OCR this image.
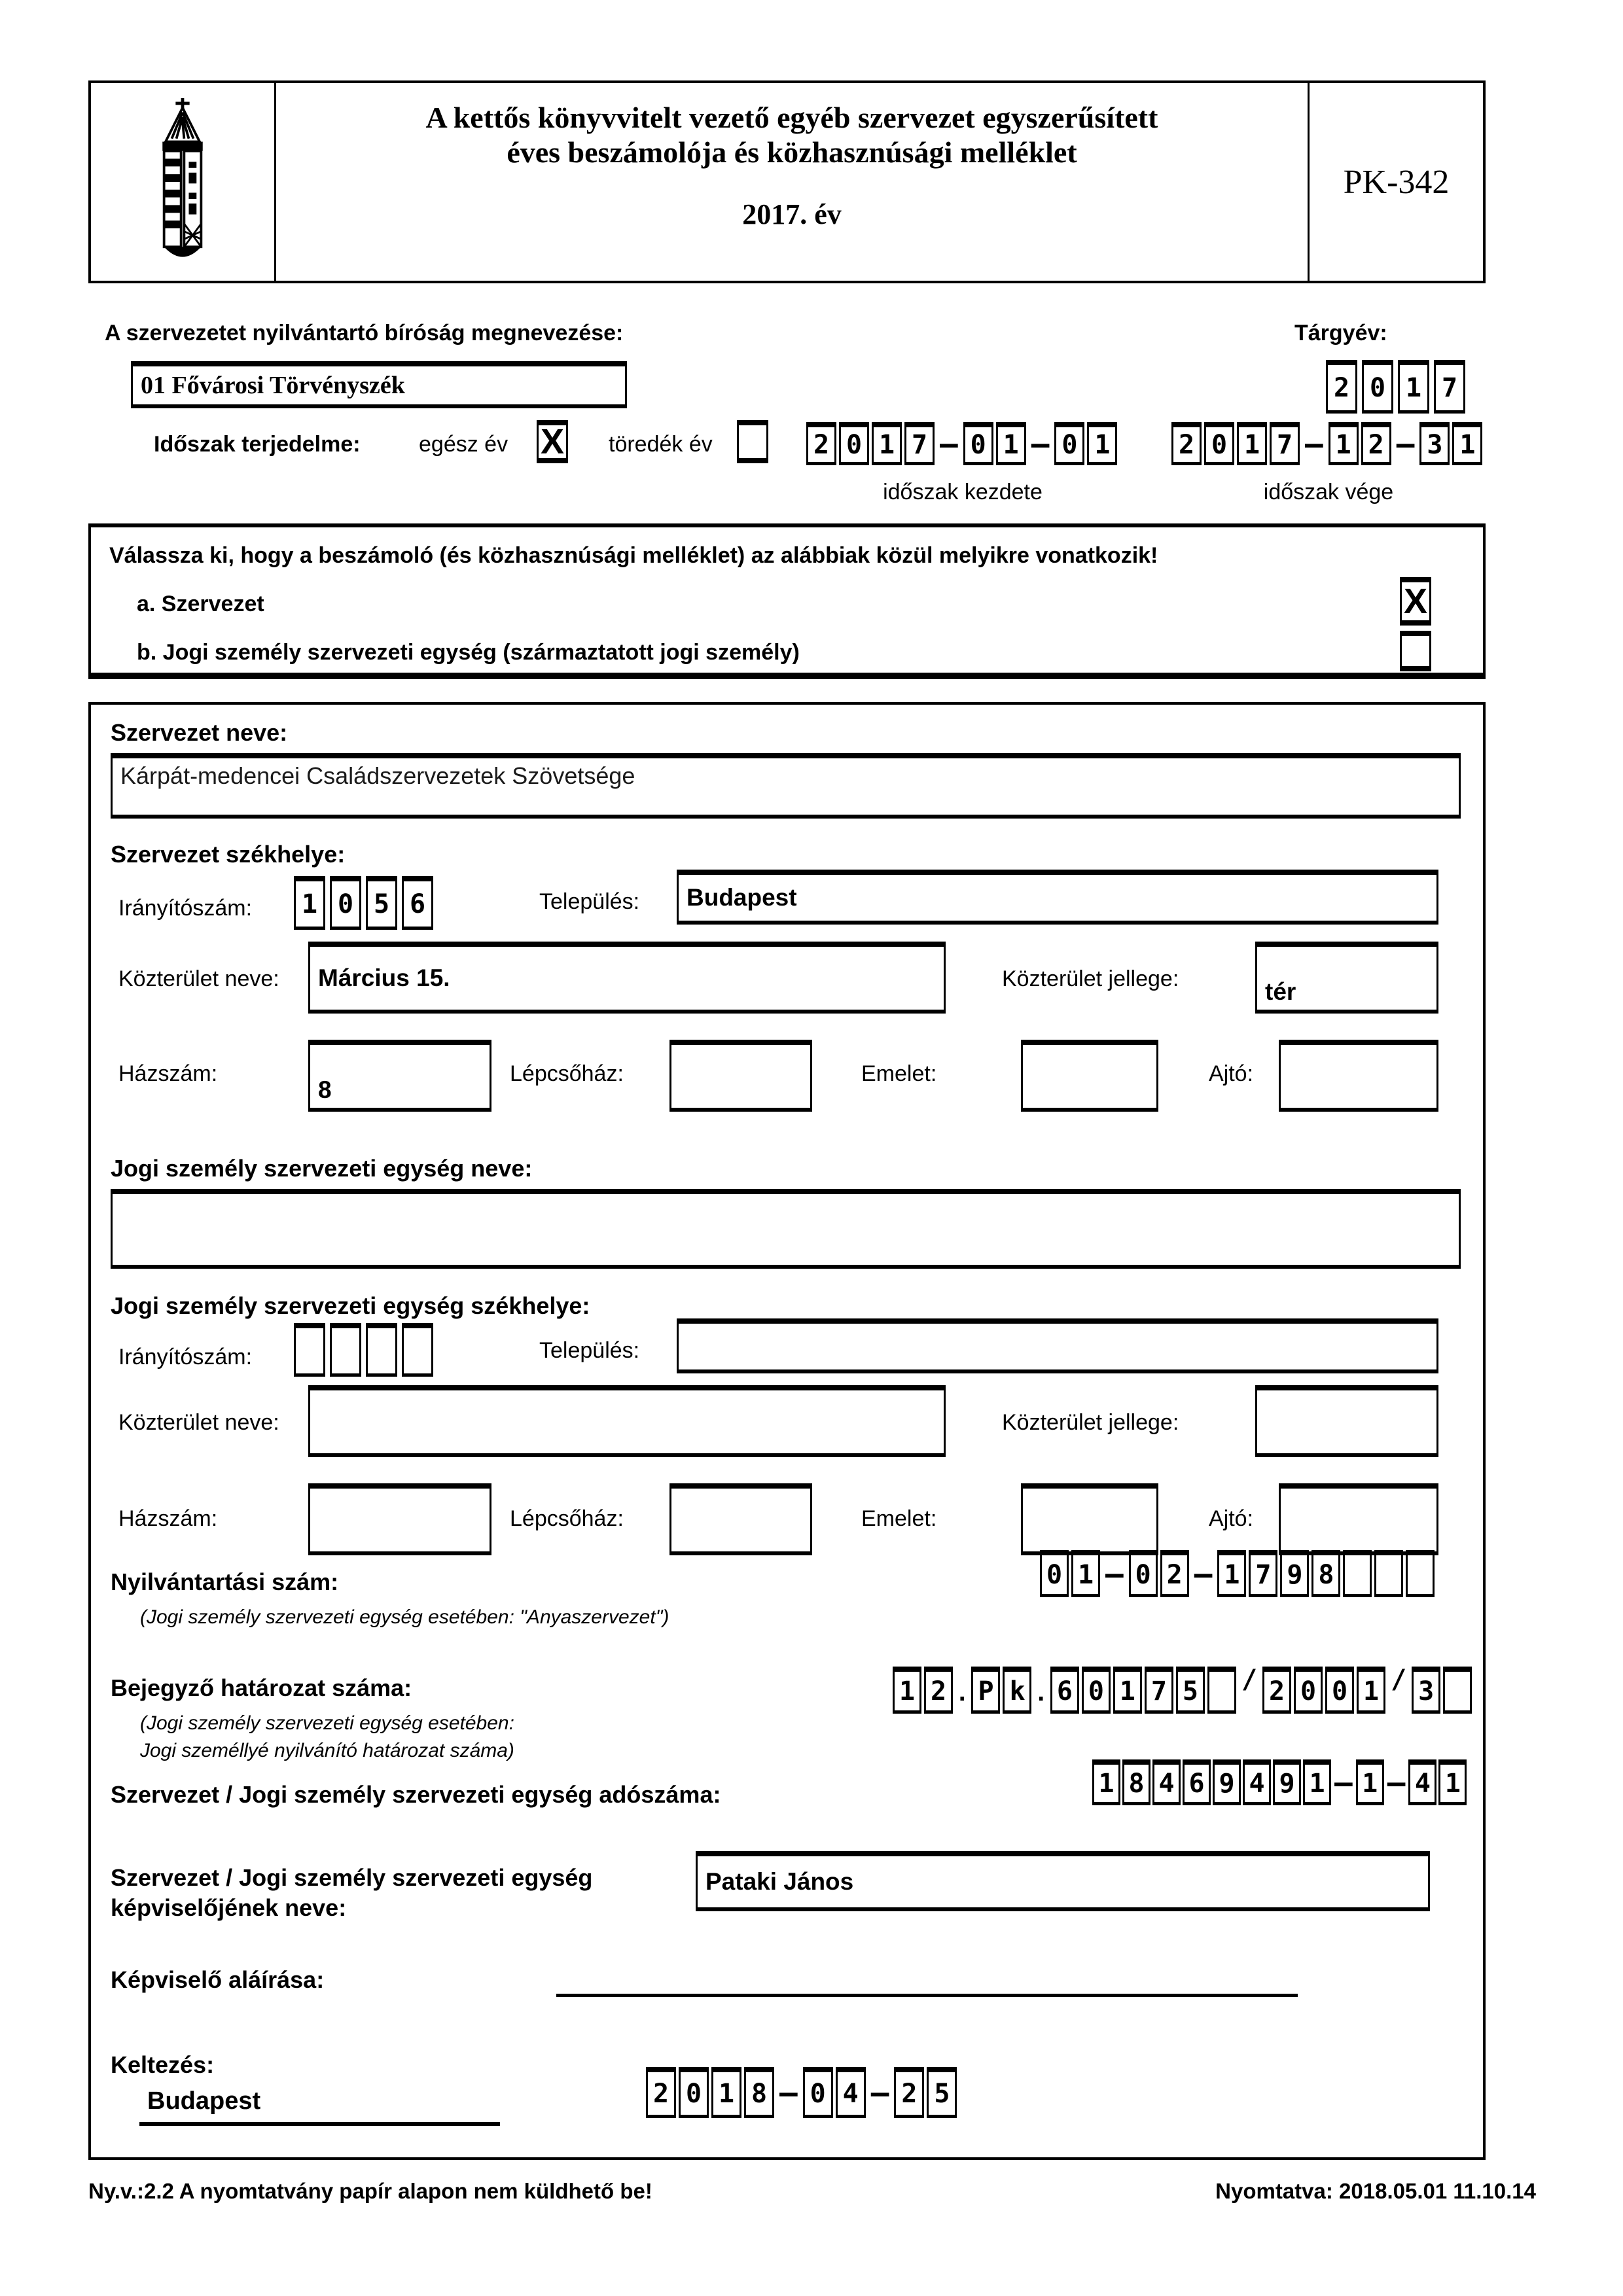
A kettős könyvvitelt vezető egyéb szervezet egyszerűsített
éves beszámolója és közhasznúsági melléklet
2017. év
PK-342
A szervezetet nyilvántartó bíróság megnevezése:	Tárgyév:
01 Fővárosi Törvényszék	2 0 1 7
Időszak terjedelme:	egész év X töredék év	2 0 1 7 – 0 1 – 0 1	2 0 1 7 – 1 2 – 3 1
időszak kezdete	időszak vége
Válassza ki, hogy a beszámoló (és közhasznúsági melléklet) az alábbiak közül melyikre vonatkozik!
a. Szervezet	X
b. Jogi személy szervezeti egység (származtatott jogi személy)
Szervezet neve:
Kárpát-medencei Családszervezetek Szövetsége
Szervezet székhelye:
Irányítószám: 1 0 5 6	Település:	Budapest
Közterület neve:	Március 15.	Közterület jellege:	tér
Házszám:
8
Lépcsőház:	Emelet:	Ajtó:
Jogi személy szervezeti egység neve:
Jogi személy szervezeti egység székhelye:
Irányítószám:	Település:
Közterület neve:	Közterület jellege:
Házszám:	Lépcsőház:	Emelet:	Ajtó:
Nyilvántartási szám:
(Jogi személy szervezeti egység esetében: "Anyaszervezet")
0 1 – 0 2 – 1 7 9 8
Bejegyző határozat száma:
(Jogi személy szervezeti egység esetében:
Jogi személlyé nyilvánító határozat száma)
1 2 . P k . 6 0 1 7 5 / 2 0 0 1 / 3
Szervezet / Jogi személy szervezeti egység adószáma:	1 8 4 6 9 4 9 1 – 1 – 4 1
Szervezet / Jogi személy szervezeti egység
képviselőjének neve:
Pataki János
Képviselő aláírása:
Keltezés:
Budapest	2 0 1 8 – 0 4 – 2 5
Ny.v.:2.2 A nyomtatvány papír alapon nem küldhető be!	Nyomtatva: 2018.05.01 11.10.14
